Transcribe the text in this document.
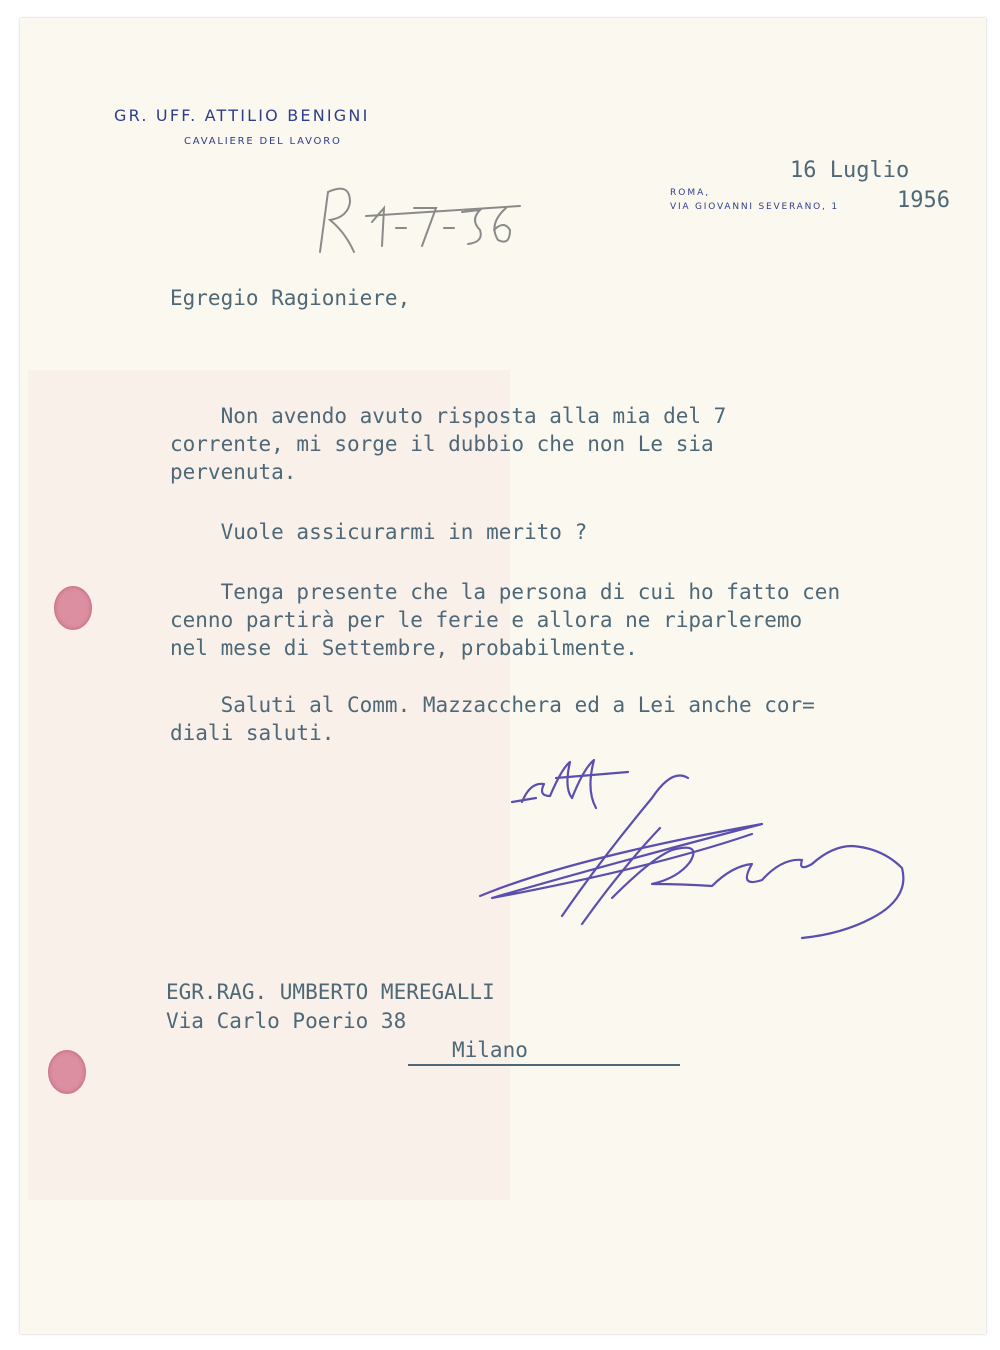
GR. UFF. ATTILIO BENIGNI
CAVALIERE DEL LAVORO
ROMA,
VIA GIOVANNI SEVERANO, 1
16 Luglio
1956
Egregio Ragioniere,
Non avendo avuto risposta alla mia del 7
corrente, mi sorge il dubbio che non Le sia
pervenuta.
Vuole assicurarmi in merito ?
Tenga presente che la persona di cui ho fatto cen
cenno partirà per le ferie e allora ne riparleremo
nel mese di Settembre, probabilmente.
Saluti al Comm. Mazzacchera ed a Lei anche cor=
diali saluti.
EGR.RAG. UMBERTO MEREGALLI
Via Carlo Poerio 38
Milano
